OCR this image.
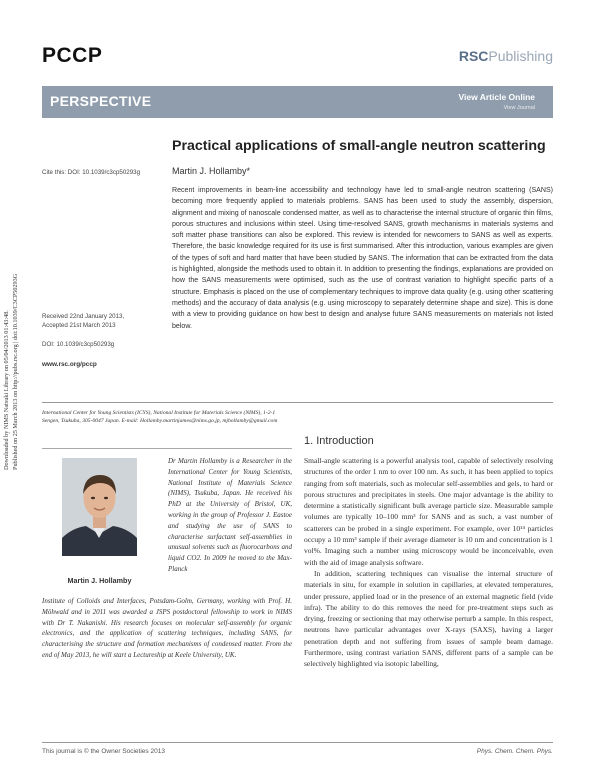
PCCP	RSCPublishing
PERSPECTIVE	View Article Online
View Journal
Downloaded by NIMS Natsuki Library on 05/04/2013 01:43:48. Published on 25 March 2013 on http://pubs.rsc.org | doi:10.1039/C3CP50293G
Practical applications of small-angle neutron scattering
Cite this: DOI: 10.1039/c3cp50293g	Martin J. Hollamby*

Recent improvements in beam-line accessibility and technology have led to small-angle neutron scattering (SANS) becoming more frequently applied to materials problems. SANS has been used to study the assembly, dispersion, alignment and mixing of nanoscale condensed matter, as well as to characterise the internal structure of organic thin films, porous structures and inclusions within steel. Using time-resolved SANS, growth mechanisms in materials systems and soft matter phase transitions can also be explored. This review is intended for newcomers to SANS as well as experts. Therefore, the basic knowledge required for its use is first summarised. After this introduction, various examples are given of the types of soft and hard matter that have been studied by SANS. The information that can be extracted from the data is highlighted, alongside the methods used to obtain it. In addition to presenting the findings, explanations are provided on how the SANS measurements were optimised, such as the use of contrast variation to highlight specific parts of a structure. Emphasis is placed on the use of complementary techniques to improve data quality (e.g. using other scattering methods) and the accuracy of data analysis (e.g. using microscopy to separately determine shape and size). This is done with a view to providing guidance on how best to design and analyse future SANS measurements on materials not listed below.

Received 22nd January 2013,
Accepted 21st March 2013
DOI: 10.1039/c3cp50293g
www.rsc.org/pccp

International Center for Young Scientists (ICYS), National Institute for Materials Science (NIMS), 1-2-1 Sengen, Tsukuba, 305-0047 Japan. E-mail: Hollamby.martinjames@nims.go.jp, mjhollamby@gmail.com

Martin J. Hollamby

Dr Martin Hollamby is a Researcher in the International Center for Young Scientists, National Institute of Materials Science (NIMS), Tsukuba, Japan. He received his PhD at the University of Bristol, UK, working in the group of Professor J. Eastoe and studying the use of SANS to characterise surfactant self-assemblies in unusual solvents such as fluorocarbons and liquid CO2. In 2009 he moved to the Max-Planck

Institute of Colloids and Interfaces, Potsdam-Golm, Germany, working with Prof. H. Möhwald and in 2011 was awarded a JSPS postdoctoral fellowship to work in NIMS with Dr T. Nakanishi. His research focuses on molecular self-assembly for organic electronics, and the application of scattering techniques, including SANS, for characterising the structure and formation mechanisms of condensed matter. From the end of May 2013, he will start a Lectureship at Keele University, UK.

1. Introduction

Small-angle scattering is a powerful analysis tool, capable of selectively resolving structures of the order 1 nm to over 100 nm. As such, it has been applied to topics ranging from soft materials, such as molecular self-assemblies and gels, to hard or porous structures and precipitates in steels. One major advantage is the ability to determine a statistically significant bulk average particle size. Measurable sample volumes are typically 10–100 mm³ for SANS and as such, a vast number of scatterers can be probed in a single experiment. For example, over 10¹⁴ particles occupy a 10 mm³ sample if their average diameter is 10 nm and concentration is 1 vol%. Imaging such a number using microscopy would be inconceivable, even with the aid of image analysis software.

In addition, scattering techniques can visualise the internal structure of materials in situ, for example in solution in capillaries, at elevated temperatures, under pressure, applied load or in the presence of an external magnetic field (vide infra). The ability to do this removes the need for pre-treatment steps such as drying, freezing or sectioning that may otherwise perturb a sample. In this respect, neutrons have particular advantages over X-rays (SAXS), having a larger penetration depth and not suffering from issues of sample beam damage. Furthermore, using contrast variation SANS, different parts of a sample can be selectively highlighted via isotopic labelling,

This journal is © the Owner Societies 2013	Phys. Chem. Chem. Phys.
